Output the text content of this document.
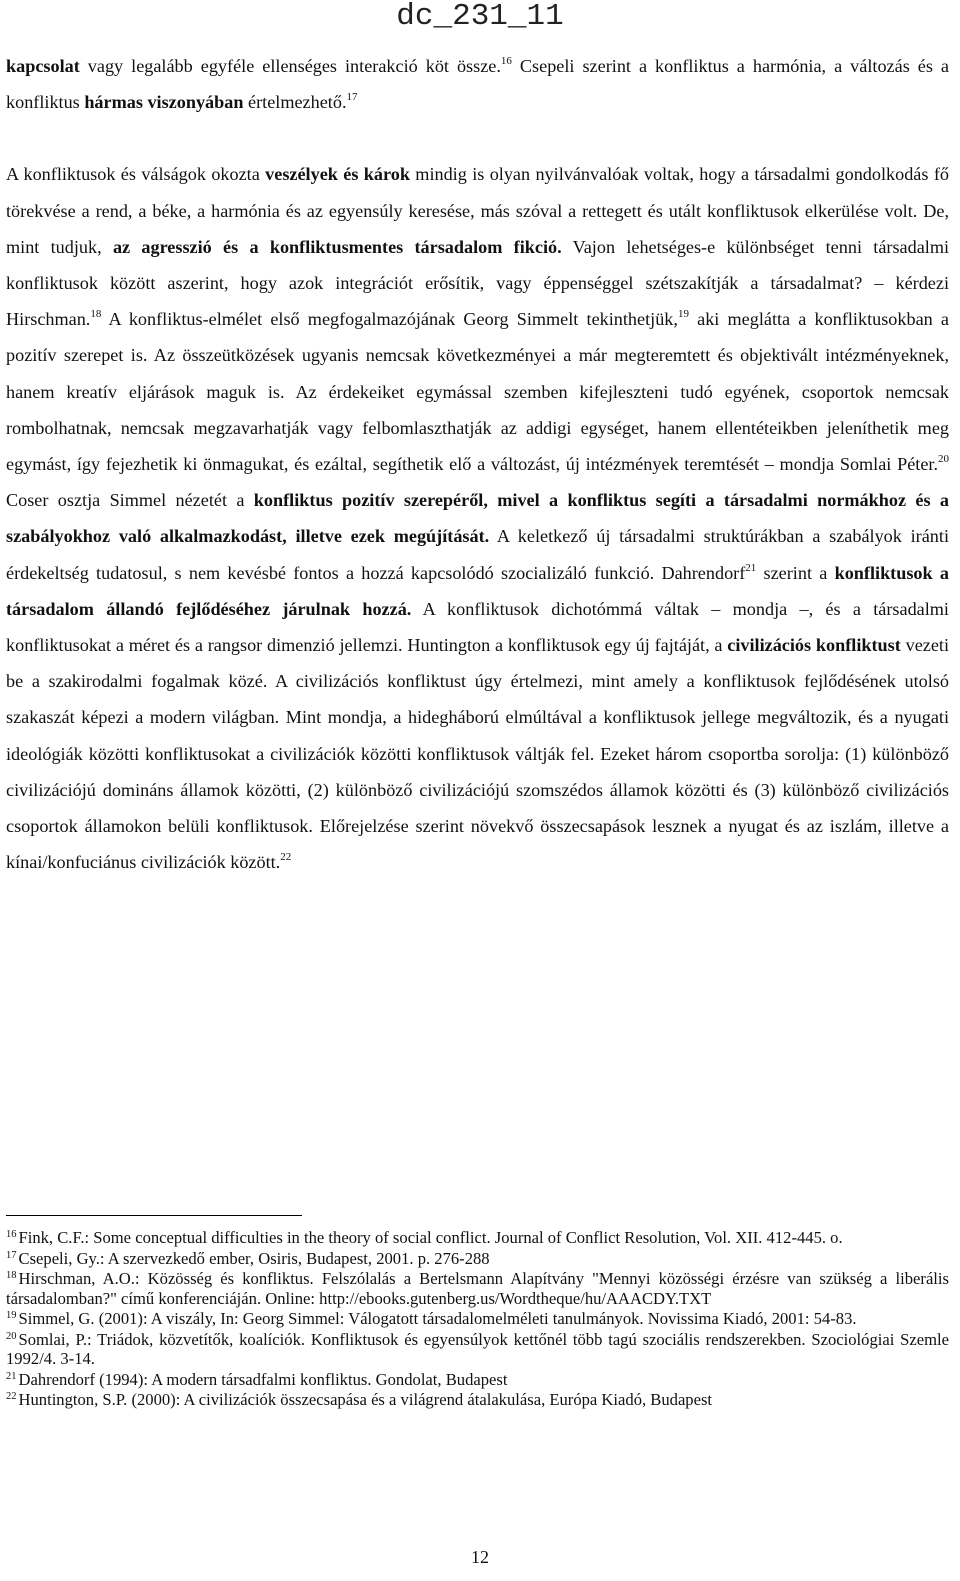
dc_231_11

kapcsolat vagy legalább egyféle ellenséges interakció köt össze.$^{16}$ Csepeli szerint a konfliktus a harmónia, a változás és a konfliktus hármas viszonyában értelmezhető.$^{17}$

A konfliktusok és válságok okozta veszélyek és károk mindig is olyan nyilvánvalóak voltak, hogy a társadalmi gondolkodás fő törekvése a rend, a béke, a harmónia és az egyensúly keresése, más szóval a rettegett és utált konfliktusok elkerülése volt. De, mint tudjuk, az agresszió és a konfliktusmentes társadalom fikció. Vajon lehetséges-e különbséget tenni társadalmi konfliktusok között aszerint, hogy azok integrációt erősítik, vagy éppenséggel szétszakítják a társadalmat? – kérdezi Hirschman.$^{18}$ A konfliktus-elmélet első megfogalmazójának Georg Simmelt tekinthetjük,$^{19}$ aki meglátta a konfliktusokban a pozitív szerepet is. Az összeütközések ugyanis nemcsak következményei a már megteremtett és objektivált intézményeknek, hanem kreatív eljárások maguk is. Az érdekeiket egymással szemben kifejleszteni tudó egyének, csoportok nemcsak rombolhatnak, nemcsak megzavarhatják vagy felbomlaszthatják az addigi egységet, hanem ellentéteikben jeleníthetik meg egymást, így fejezhetik ki önmagukat, és ezáltal, segíthetik elő a változást, új intézmények teremtését – mondja Somlai Péter.$^{20}$ Coser osztja Simmel nézetét a konfliktus pozitív szerepéről, mivel a konfliktus segíti a társadalmi normákhoz és a szabályokhoz való alkalmazkodást, illetve ezek megújítását. A keletkező új társadalmi struktúrákban a szabályok iránti érdekeltség tudatosul, s nem kevésbé fontos a hozzá kapcsolódó szocializáló funkció. Dahrendorf$^{21}$ szerint a konfliktusok a társadalom állandó fejlődéséhez járulnak hozzá. A konfliktusok dichotómmá váltak – mondja –, és a társadalmi konfliktusokat a méret és a rangsor dimenzió jellemzi. Huntington a konfliktusok egy új fajtáját, a civilizációs konfliktust vezeti be a szakirodalmi fogalmak közé. A civilizációs konfliktust úgy értelmezi, mint amely a konfliktusok fejlődésének utolsó szakaszát képezi a modern világban. Mint mondja, a hidegháború elmúltával a konfliktusok jellege megváltozik, és a nyugati ideológiák közötti konfliktusokat a civilizációk közötti konfliktusok váltják fel. Ezeket három csoportba sorolja: (1) különböző civilizációjú domináns államok közötti, (2) különböző civilizációjú szomszédos államok közötti és (3) különböző civilizációs csoportok államokon belüli konfliktusok. Előrejelzése szerint növekvő összecsapások lesznek a nyugat és az iszlám, illetve a kínai/konfuciánus civilizációk között.$^{22}$

$^{16}$ Fink, C.F.: Some conceptual difficulties in the theory of social conflict. Journal of Conflict Resolution, Vol. XII. 412-445. o.

$^{17}$ Csepeli, Gy.: A szervezkedő ember, Osiris, Budapest, 2001. p. 276-288

$^{18}$ Hirschman, A.O.: Közösség és konfliktus. Felszólalás a Bertelsmann Alapítvány "Mennyi közösségi érzésre van szükség a liberális társadalomban?" című konferenciáján. Online: http://ebooks.gutenberg.us/Wordtheque/hu/AAACDY.TXT

$^{19}$ Simmel, G. (2001): A viszály, In: Georg Simmel: Válogatott társadalomelméleti tanulmányok. Novissima Kiadó, 2001: 54-83.

$^{20}$ Somlai, P.: Triádok, közvetítők, koalíciók. Konfliktusok és egyensúlyok kettőnél több tagú szociális rendszerekben. Szociológiai Szemle 1992/4. 3-14.

$^{21}$ Dahrendorf (1994): A modern társadfalmi konfliktus. Gondolat, Budapest

$^{22}$ Huntington, S.P. (2000): A civilizációk összecsapása és a világrend átalakulása, Európa Kiadó, Budapest

12
